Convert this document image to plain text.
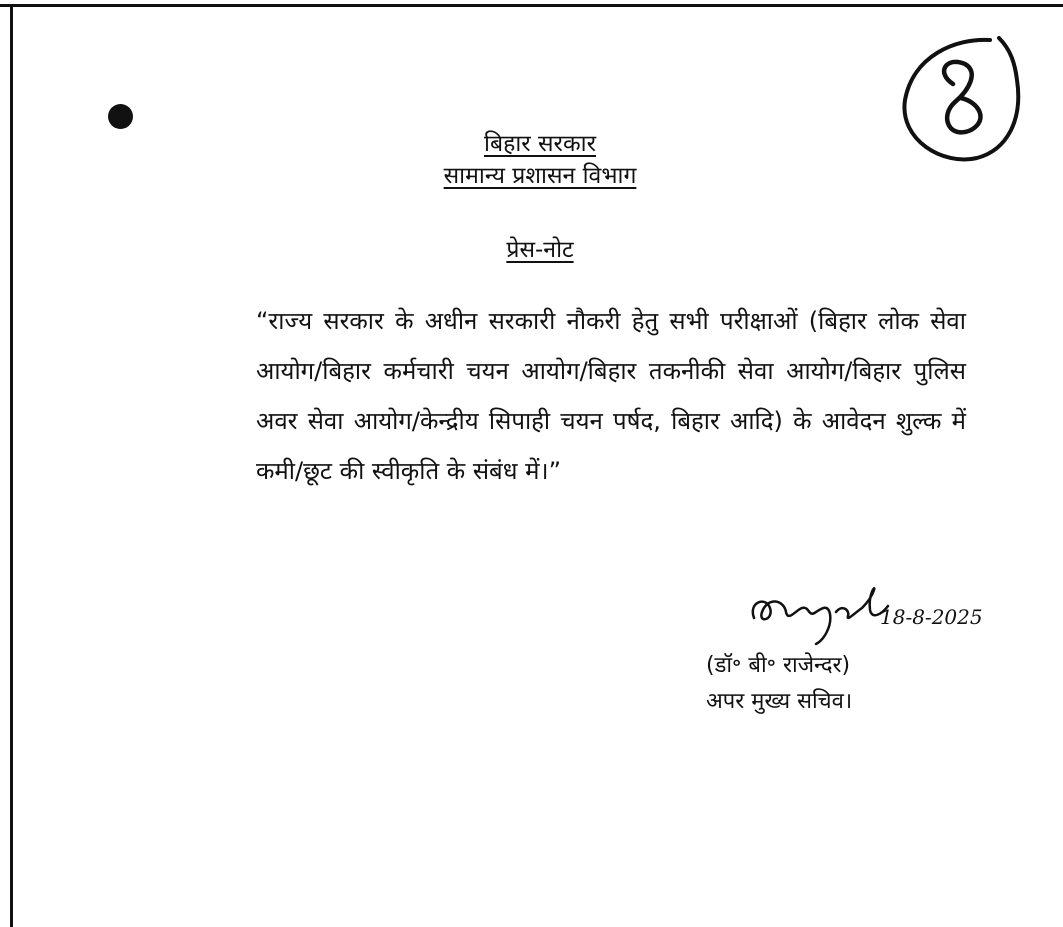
8
बिहार सरकार
सामान्य प्रशासन विभाग
प्रेस-नोट

“राज्य सरकार के अधीन सरकारी नौकरी हेतु सभी परीक्षाओं (बिहार लोक सेवा आयोग/बिहार कर्मचारी चयन आयोग/बिहार तकनीकी सेवा आयोग/बिहार पुलिस अवर सेवा आयोग/केन्द्रीय सिपाही चयन पर्षद, बिहार आदि) के आवेदन शुल्क में कमी/छूट की स्वीकृति के संबंध में।”

18-8-2025
(डॉ॰ बी॰ राजेन्दर)
अपर मुख्य सचिव।
